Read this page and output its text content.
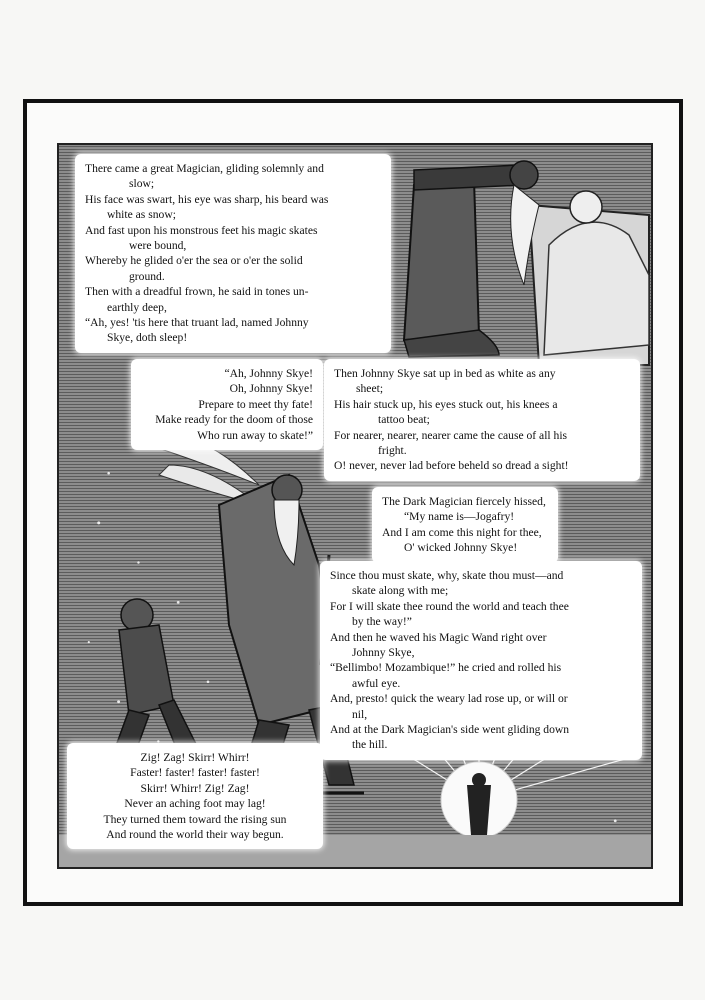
There came a great Magician, gliding solemnly and
slow;
His face was swart, his eye was sharp, his beard was
white as snow;
And fast upon his monstrous feet his magic skates
were bound,
Whereby he glided o'er the sea or o'er the solid
ground.
Then with a dreadful frown, he said in tones un-
earthly deep,
“Ah, yes! 'tis here that truant lad, named Johnny
Skye, doth sleep!
“Ah, Johnny Skye!
Oh, Johnny Skye!
Prepare to meet thy fate!
Make ready for the doom of those
Who run away to skate!”
Then Johnny Skye sat up in bed as white as any
sheet;
His hair stuck up, his eyes stuck out, his knees a
tattoo beat;
For nearer, nearer, nearer came the cause of all his
fright.
O! never, never lad before beheld so dread a sight!
The Dark Magician fiercely hissed,
“My name is—Jogafry!
And I am come this night for thee,
O' wicked Johnny Skye!
Since thou must skate, why, skate thou must—and
skate along with me;
For I will skate thee round the world and teach thee
by the way!”
And then he waved his Magic Wand right over
Johnny Skye,
“Bellimbo! Mozambique!” he cried and rolled his
awful eye.
And, presto! quick the weary lad rose up, or will or
nil,
And at the Dark Magician's side went gliding down
the hill.
Zig! Zag! Skirr! Whirr!
Faster! faster! faster! faster!
Skirr! Whirr! Zig! Zag!
Never an aching foot may lag!
They turned them toward the rising sun
And round the world their way begun.
